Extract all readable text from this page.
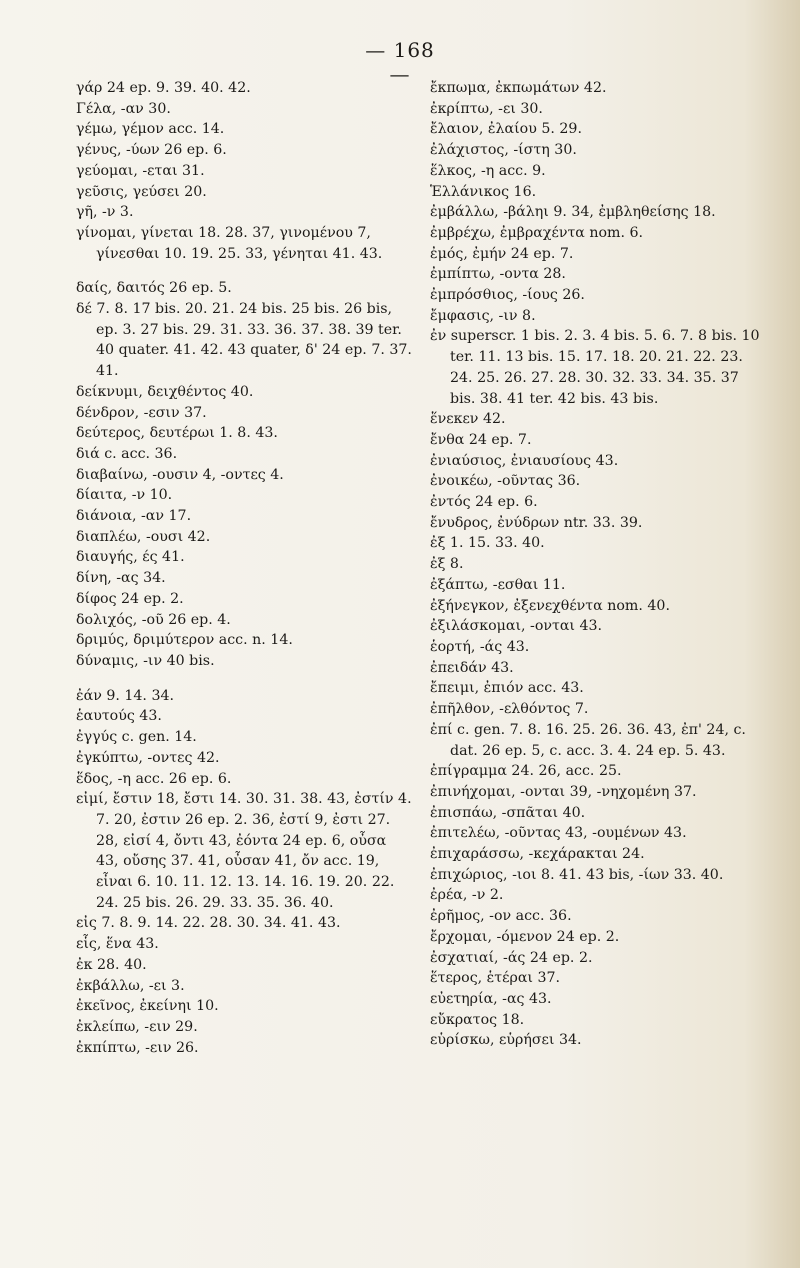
— 168 —
γάρ 24 ep. 9. 39. 40. 42.
Γέλα, -αν 30.
γέμω, γέμον acc. 14.
γένυς, -ύων 26 ep. 6.
γεύομαι, -εται 31.
γεῦσις, γεύσει 20.
γῆ, -ν 3.
γίνομαι, γίνεται 18. 28. 37, γινομένου 7, γίνεσθαι 10. 19. 25. 33, γένηται 41. 43.
δαίς, δαιτός 26 ep. 5.
δέ 7. 8. 17 bis. 20. 21. 24 bis. 25 bis. 26 bis, ep. 3. 27 bis. 29. 31. 33. 36. 37. 38. 39 ter. 40 quater. 41. 42. 43 quater, δ' 24 ep. 7. 37. 41.
δείκνυμι, δειχθέντος 40.
δένδρον, -εσιν 37.
δεύτερος, δευτέρωι 1. 8. 43.
διά c. acc. 36.
διαβαίνω, -ουσιν 4, -οντες 4.
δίαιτα, -ν 10.
διάνοια, -αν 17.
διαπλέω, -ουσι 42.
διαυγής, ές 41.
δίνη, -ας 34.
δίφος 24 ep. 2.
δολιχός, -οῦ 26 ep. 4.
δριμύς, δριμύτερον acc. n. 14.
δύναμις, -ιν 40 bis.
ἐάν 9. 14. 34.
ἑαυτούς 43.
ἐγγύς c. gen. 14.
ἐγκύπτω, -οντες 42.
ἕδος, -η acc. 26 ep. 6.
εἰμί, ἔστιν 18, ἔστι 14. 30. 31. 38. 43, ἐστίν 4. 7. 20, ἐστιν 26 ep. 2. 36, ἐστί 9, ἐστι 27. 28, εἰσί 4, ὄντι 43, ἐόντα 24 ep. 6, οὖσα 43, οὔσης 37. 41, οὖσαν 41, ὄν acc. 19, εἶναι 6. 10. 11. 12. 13. 14. 16. 19. 20. 22. 24. 25 bis. 26. 29. 33. 35. 36. 40.
εἰς 7. 8. 9. 14. 22. 28. 30. 34. 41. 43.
εἷς, ἕνα 43.
ἐκ 28. 40.
ἐκβάλλω, -ει 3.
ἐκεῖνος, ἐκείνηι 10.
ἐκλείπω, -ειν 29.
ἐκπίπτω, -ειν 26.
ἔκπωμα, ἐκπωμάτων 42.
ἐκρίπτω, -ει 30.
ἔλαιον, ἐλαίου 5. 29.
ἐλάχιστος, -ίστη 30.
ἕλκος, -η acc. 9.
Ἑλλάνικος 16.
ἐμβάλλω, -βάληι 9. 34, ἐμβληθείσης 18.
ἐμβρέχω, ἐμβραχέντα nom. 6.
ἐμός, ἐμήν 24 ep. 7.
ἐμπίπτω, -οντα 28.
ἐμπρόσθιος, -ίους 26.
ἔμφασις, -ιν 8.
ἐν superscr. 1 bis. 2. 3. 4 bis. 5. 6. 7. 8 bis. 10 ter. 11. 13 bis. 15. 17. 18. 20. 21. 22. 23. 24. 25. 26. 27. 28. 30. 32. 33. 34. 35. 37 bis. 38. 41 ter. 42 bis. 43 bis.
ἕνεκεν 42.
ἔνθα 24 ep. 7.
ἐνιαύσιος, ἐνιαυσίους 43.
ἐνοικέω, -οῦντας 36.
ἐντός 24 ep. 6.
ἔνυδρος, ἐνύδρων ntr. 33. 39.
ἐξ 1. 15. 33. 40.
ἐξ 8.
ἐξάπτω, -εσθαι 11.
ἐξήνεγκον, ἐξενεχθέντα nom. 40.
ἐξιλάσκομαι, -ονται 43.
ἑορτή, -άς 43.
ἐπειδάν 43.
ἔπειμι, ἐπιόν acc. 43.
ἐπῆλθον, -ελθόντος 7.
ἐπί c. gen. 7. 8. 16. 25. 26. 36. 43, ἐπ' 24, c. dat. 26 ep. 5, c. acc. 3. 4. 24 ep. 5. 43.
ἐπίγραμμα 24. 26, acc. 25.
ἐπινήχομαι, -ονται 39, -νηχομένη 37.
ἐπισπάω, -σπᾶται 40.
ἐπιτελέω, -οῦντας 43, -ουμένων 43.
ἐπιχαράσσω, -κεχάρακται 24.
ἐπιχώριος, -ιοι 8. 41. 43 bis, -ίων 33. 40.
ἐρέα, -ν 2.
ἐρῆμος, -ον acc. 36.
ἔρχομαι, -όμενον 24 ep. 2.
ἐσχατιαί, -άς 24 ep. 2.
ἕτερος, ἑτέραι 37.
εὐετηρία, -ας 43.
εὔκρατος 18.
εὑρίσκω, εὑρήσει 34.
